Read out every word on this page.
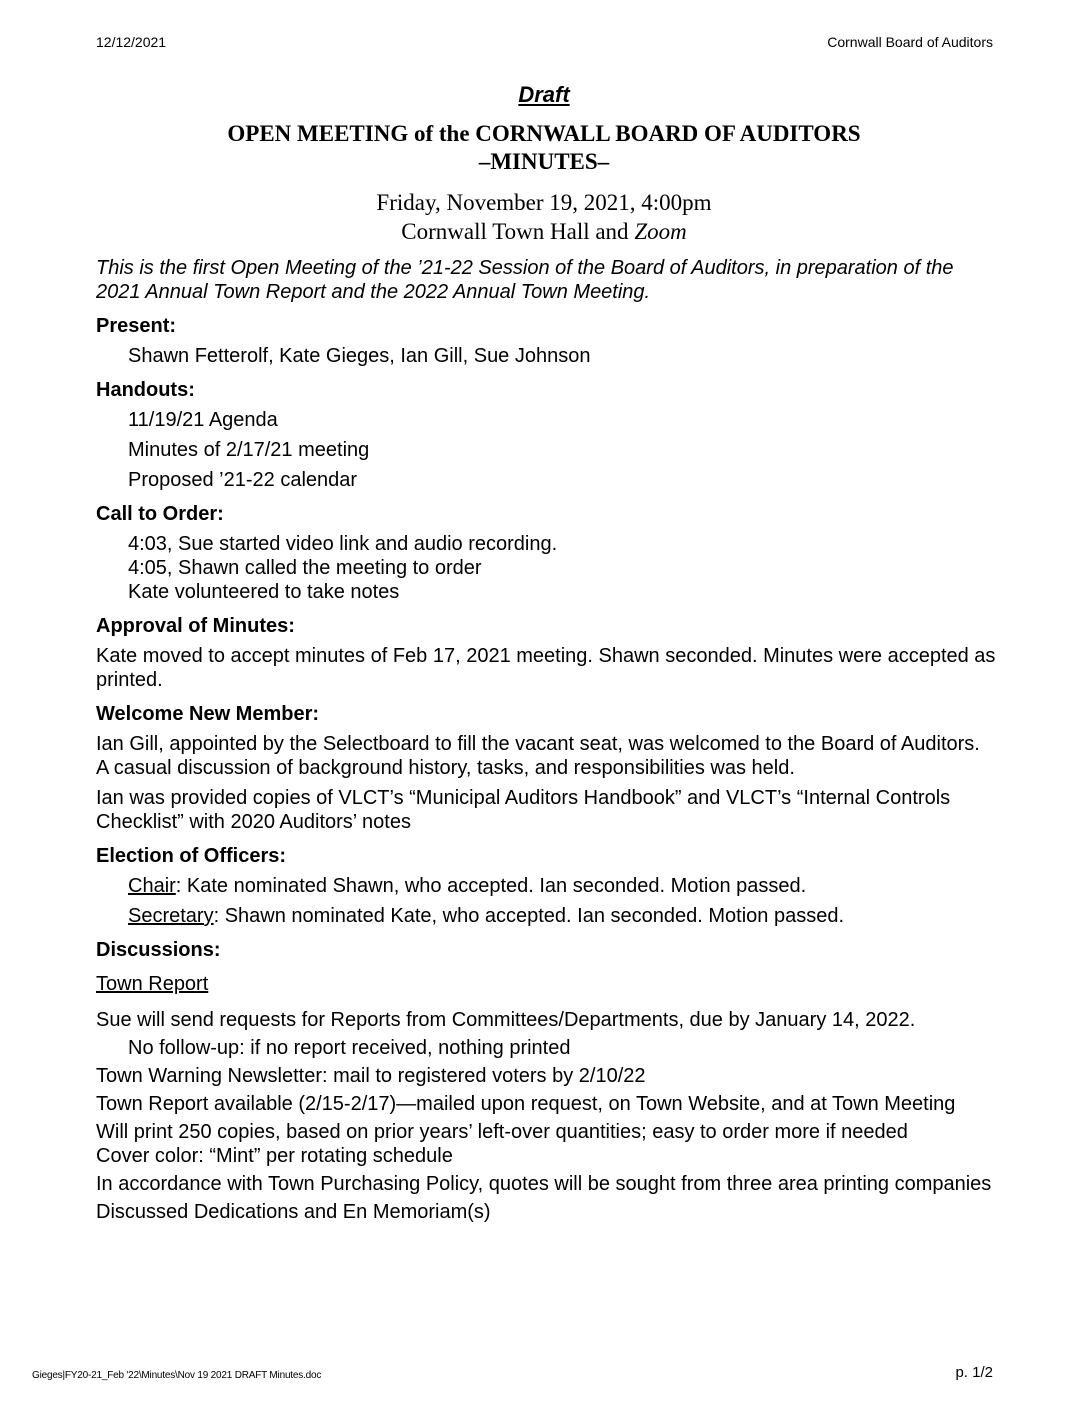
12/12/2021	Cornwall Board of Auditors
Draft
OPEN MEETING of the CORNWALL BOARD OF AUDITORS
–MINUTES–
Friday, November 19, 2021, 4:00pm
Cornwall Town Hall and Zoom

This is the first Open Meeting of the ’21-22 Session of the Board of Auditors, in preparation of the 2021 Annual Town Report and the 2022 Annual Town Meeting.

Present:

Shawn Fetterolf, Kate Gieges, Ian Gill, Sue Johnson

Handouts:

11/19/21 Agenda

Minutes of 2/17/21 meeting

Proposed ’21-22 calendar

Call to Order:

4:03, Sue started video link and audio recording.

4:05, Shawn called the meeting to order

Kate volunteered to take notes

Approval of Minutes:

Kate moved to accept minutes of Feb 17, 2021 meeting. Shawn seconded. Minutes were accepted as printed.

Welcome New Member:

Ian Gill, appointed by the Selectboard to fill the vacant seat, was welcomed to the Board of Auditors. A casual discussion of background history, tasks, and responsibilities was held.

Ian was provided copies of VLCT’s “Municipal Auditors Handbook” and VLCT’s “Internal Controls Checklist” with 2020 Auditors’ notes

Election of Officers:

Chair: Kate nominated Shawn, who accepted. Ian seconded. Motion passed.

Secretary: Shawn nominated Kate, who accepted. Ian seconded. Motion passed.

Discussions:
Town Report

Sue will send requests for Reports from Committees/Departments, due by January 14, 2022.

No follow-up: if no report received, nothing printed

Town Warning Newsletter: mail to registered voters by 2/10/22

Town Report available (2/15-2/17)—mailed upon request, on Town Website, and at Town Meeting

Will print 250 copies, based on prior years’ left-over quantities; easy to order more if needed

Cover color: “Mint” per rotating schedule

In accordance with Town Purchasing Policy, quotes will be sought from three area printing companies

Discussed Dedications and En Memoriam(s)

Gieges|FY20-21_Feb '22\Minutes\Nov 19 2021 DRAFT Minutes.doc	p. 1/2
